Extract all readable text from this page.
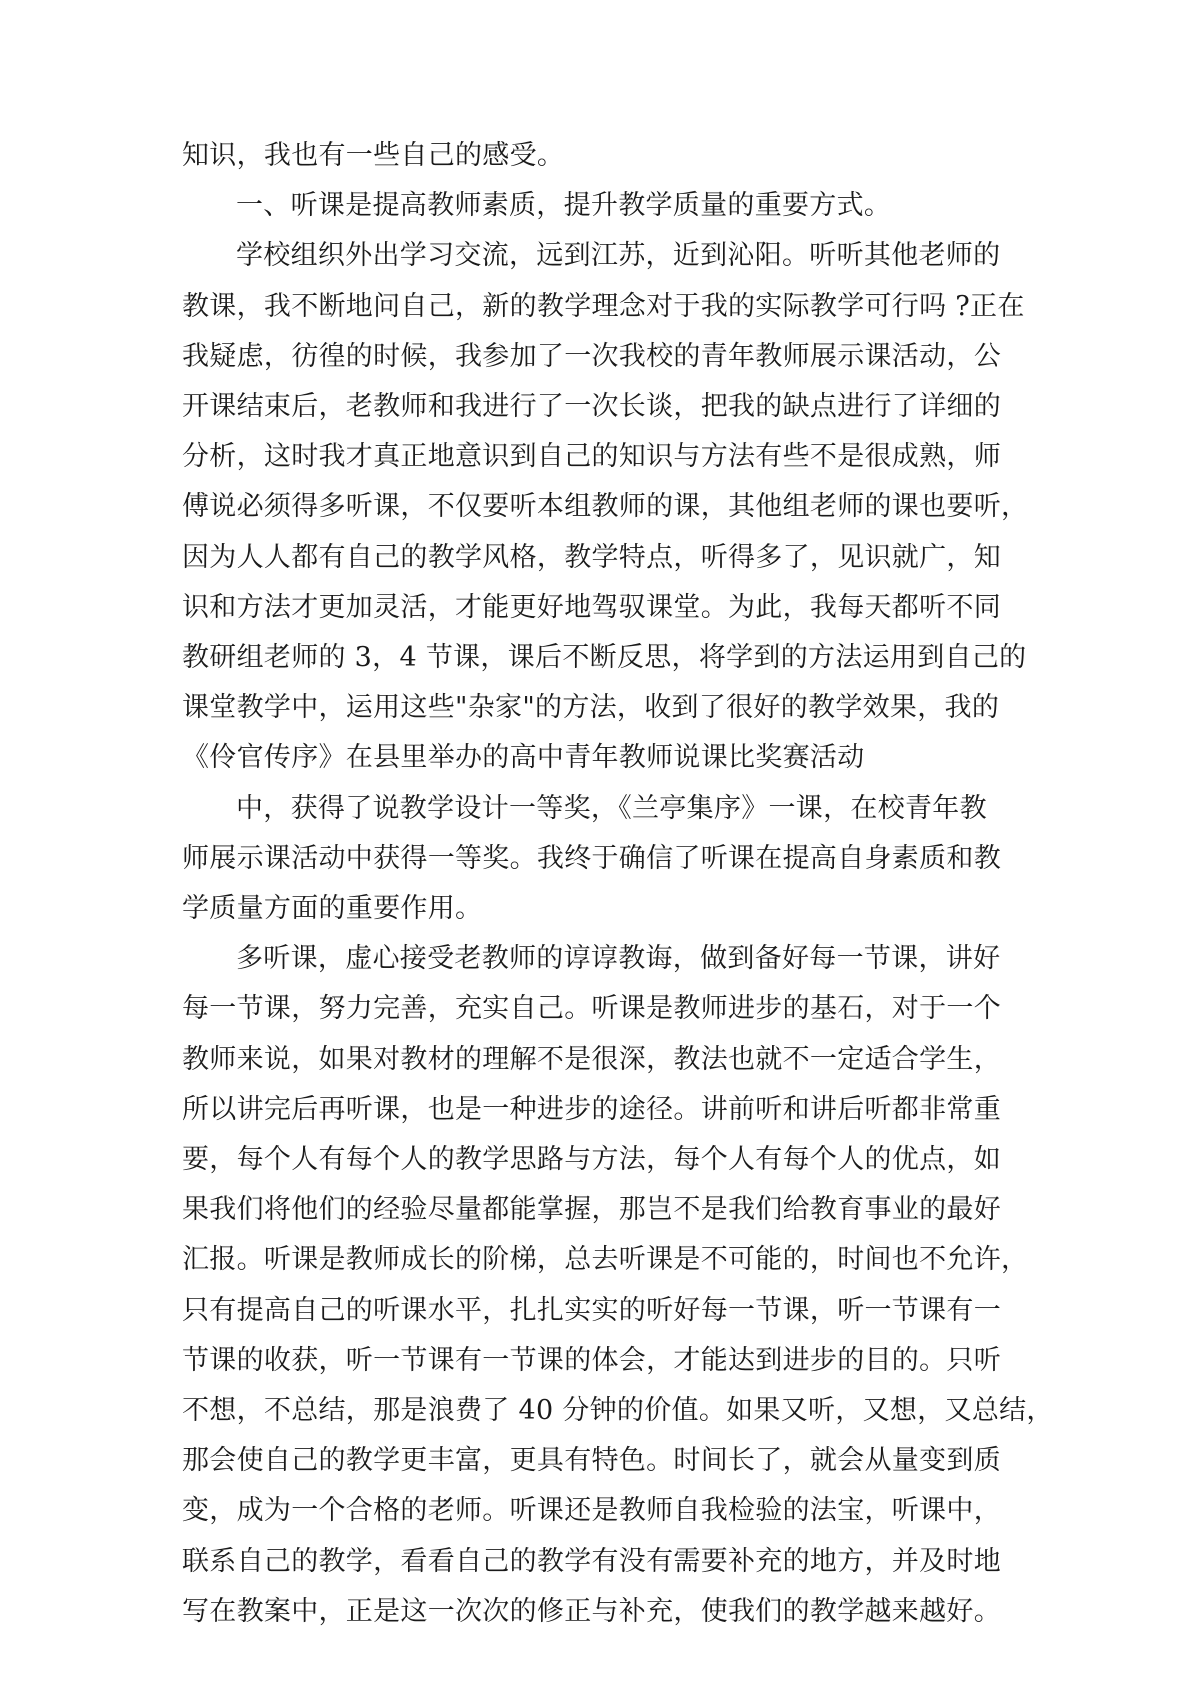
知识，我也有一些自己的感受。

一、听课是提高教师素质，提升教学质量的重要方式。

学校组织外出学习交流，远到江苏，近到沁阳。听听其他老师的

教课，我不断地问自己，新的教学理念对于我的实际教学可行吗 ?正在

我疑虑，彷徨的时候，我参加了一次我校的青年教师展示课活动，公

开课结束后，老教师和我进行了一次长谈，把我的缺点进行了详细的

分析，这时我才真正地意识到自己的知识与方法有些不是很成熟，师

傅说必须得多听课，不仅要听本组教师的课，其他组老师的课也要听，

因为人人都有自己的教学风格，教学特点，听得多了，见识就广，知

识和方法才更加灵活，才能更好地驾驭课堂。为此，我每天都听不同

教研组老师的 3，4 节课，课后不断反思，将学到的方法运用到自己的

课堂教学中，运用这些"杂家"的方法，收到了很好的教学效果，我的

《伶官传序》在县里举办的高中青年教师说课比奖赛活动

中，获得了说教学设计一等奖，《兰亭集序》一课，在校青年教

师展示课活动中获得一等奖。我终于确信了听课在提高自身素质和教

学质量方面的重要作用。

多听课，虚心接受老教师的谆谆教诲，做到备好每一节课，讲好

每一节课，努力完善，充实自己。听课是教师进步的基石，对于一个

教师来说，如果对教材的理解不是很深，教法也就不一定适合学生，

所以讲完后再听课，也是一种进步的途径。讲前听和讲后听都非常重

要，每个人有每个人的教学思路与方法，每个人有每个人的优点，如

果我们将他们的经验尽量都能掌握，那岂不是我们给教育事业的最好

汇报。听课是教师成长的阶梯，总去听课是不可能的，时间也不允许，

只有提高自己的听课水平，扎扎实实的听好每一节课，听一节课有一

节课的收获，听一节课有一节课的体会，才能达到进步的目的。只听

不想，不总结，那是浪费了 40 分钟的价值。如果又听，又想，又总结，

那会使自己的教学更丰富，更具有特色。时间长了，就会从量变到质

变，成为一个合格的老师。听课还是教师自我检验的法宝，听课中，

联系自己的教学，看看自己的教学有没有需要补充的地方，并及时地

写在教案中，正是这一次次的修正与补充，使我们的教学越来越好。
